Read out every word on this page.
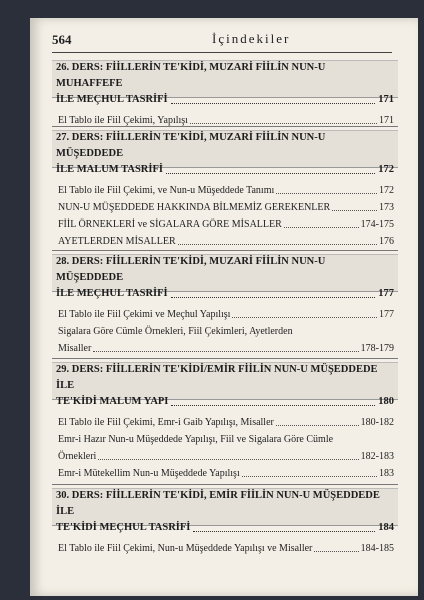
564	İçindekiler
26. DERS: FİİLLERİN TE'KİDİ, MUZARİ FİİLİN NUN-U MUHAFFEFE
İLE MEÇHUL TASRİFİ	171
El Tablo ile Fiil Çekimi, Yapılışı	171
27. DERS: FİİLLERİN TE'KİDİ, MUZARİ FİİLİN NUN-U MÜŞEDDEDE
İLE MALUM TASRİFİ	172
El Tablo ile Fiil Çekimi, ve Nun-u Müşeddede Tanımı	172
NUN-U MÜŞEDDEDE HAKKINDA BİLMEMİZ GEREKENLER	173
FİİL ÖRNEKLERİ ve SİGALARA GÖRE MİSALLER	174-175
AYETLERDEN MİSALLER	176
28. DERS: FİİLLERİN TE'KİDİ, MUZARİ FİİLİN NUN-U MÜŞEDDEDE
İLE MEÇHUL TASRİFİ	177
El Tablo ile Fiil Çekimi ve Meçhul Yapılışı	177
Sigalara Göre Cümle Örnekleri, Fiil Çekimleri, Ayetlerden
Misaller	178-179
29. DERS: FİİLLERİN TE'KİDİ/EMİR FİİLİN NUN-U MÜŞEDDEDE İLE
TE'KİDİ MALUM YAPI	180
El Tablo ile Fiil Çekimi, Emr-i Gaib Yapılışı, Misaller	180-182
Emr-i Hazır Nun-u Müşeddede Yapılışı, Fiil ve Sigalara Göre Cümle
Örnekleri	182-183
Emr-i Mütekellim Nun-u Müşeddede Yapılışı	183
30. DERS: FİİLLERİN TE'KİDİ, EMİR FİİLİN NUN-U MÜŞEDDEDE İLE
TE'KİDİ MEÇHUL TASRİFİ	184
El Tablo ile Fiil Çekimi, Nun-u Müşeddede Yapılışı ve Misaller	184-185
